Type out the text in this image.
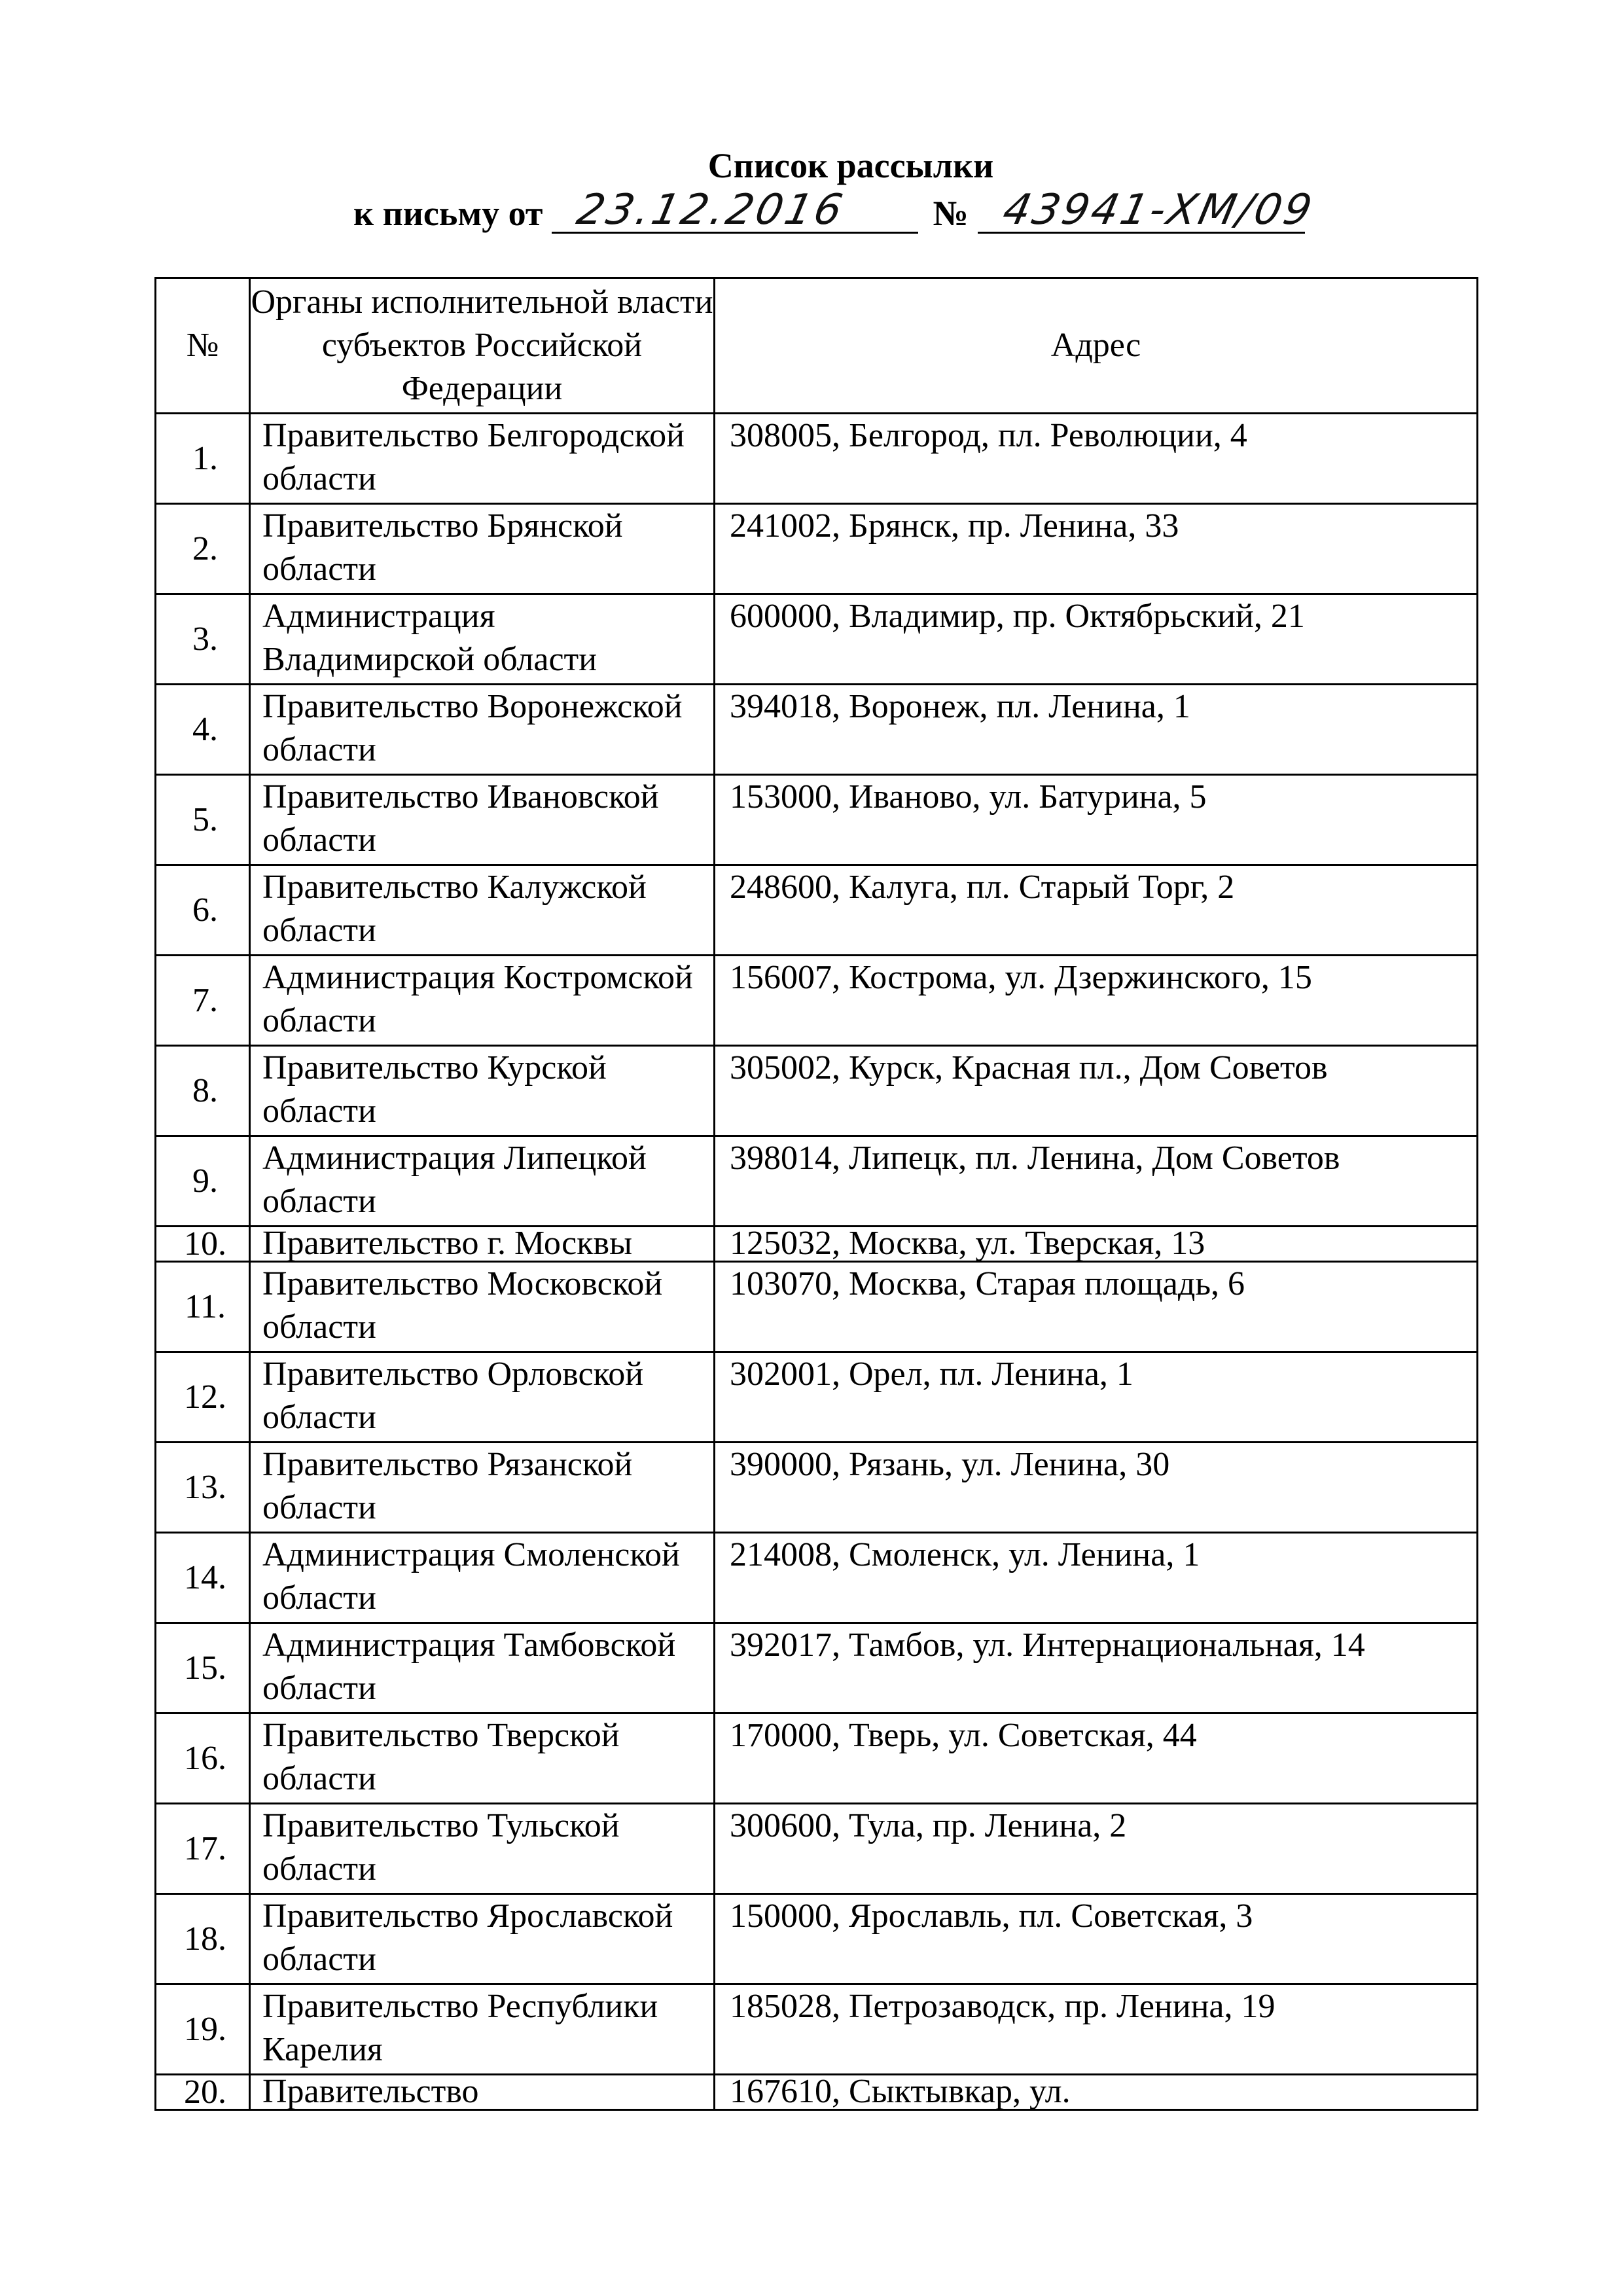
Список рассылки
к письму от 23.12.2016 № 43941-ХМ/09
№	Органы исполнительной власти субъектов Российской Федерации	Адрес
1.	Правительство Белгородской области	308005, Белгород, пл. Революции, 4
2.	Правительство Брянской области	241002, Брянск, пр. Ленина, 33
3.	Администрация Владимирской области	600000, Владимир, пр. Октябрьский, 21
4.	Правительство Воронежской области	394018, Воронеж, пл. Ленина, 1
5.	Правительство Ивановской области	153000, Иваново, ул. Батурина, 5
6.	Правительство Калужской области	248600, Калуга, пл. Старый Торг, 2
7.	Администрация Костромской области	156007, Кострома, ул. Дзержинского, 15
8.	Правительство Курской области	305002, Курск, Красная пл., Дом Советов
9.	Администрация Липецкой области	398014, Липецк, пл. Ленина, Дом Советов
10.	Правительство г. Москвы	125032, Москва, ул. Тверская, 13
11.	Правительство Московской области	103070, Москва, Старая площадь, 6
12.	Правительство Орловской области	302001, Орел, пл. Ленина, 1
13.	Правительство Рязанской области	390000, Рязань, ул. Ленина, 30
14.	Администрация Смоленской области	214008, Смоленск, ул. Ленина, 1
15.	Администрация Тамбовской области	392017, Тамбов, ул. Интернациональная, 14
16.	Правительство Тверской области	170000, Тверь, ул. Советская, 44
17.	Правительство Тульской области	300600, Тула, пр. Ленина, 2
18.	Правительство Ярославской области	150000, Ярославль, пл. Советская, 3
19.	Правительство Республики Карелия	185028, Петрозаводск, пр. Ленина, 19
20.	Правительство	167610, Сыктывкар, ул.
